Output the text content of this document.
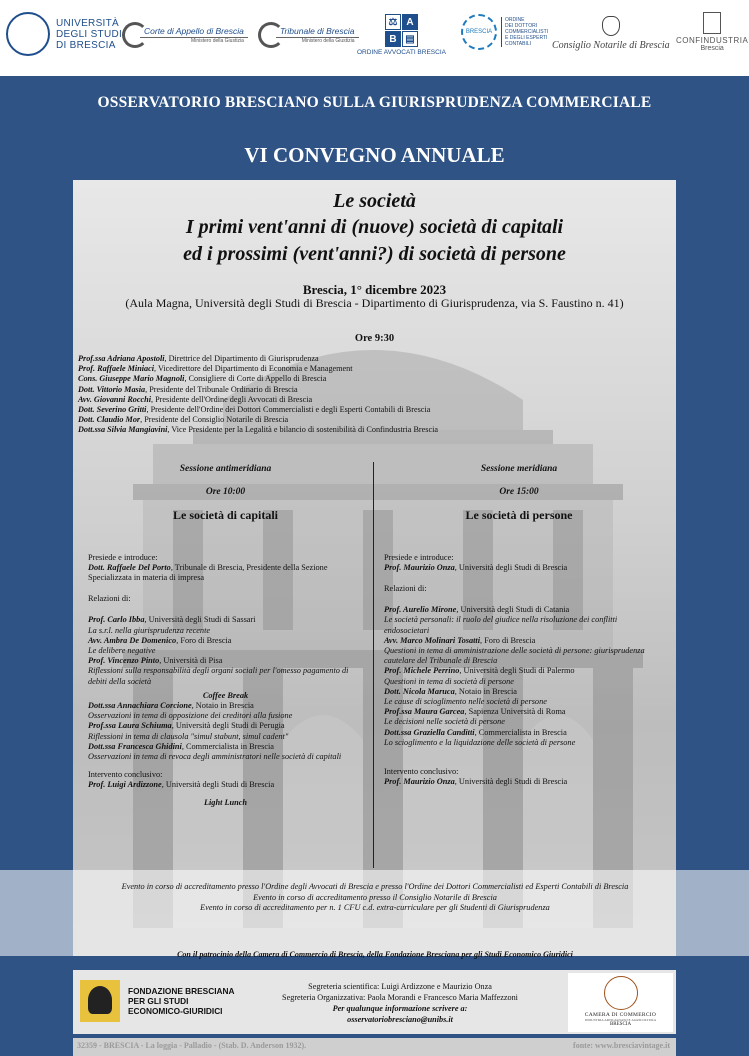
UNIVERSITÀ
DEGLI STUDI
DI BRESCIA
Corte di Appello di Brescia
Ministero della Giustizia
Tribunale di Brescia
Ministero della Giustizia
⚖ A
B ▤
ORDINE AVVOCATI BRESCIA
BRESCIA
ORDINE
DEI DOTTORI
COMMERCIALISTI
E DEGLI ESPERTI
CONTABILI	Consiglio Notarile di Brescia CONFINDUSTRIA
Brescia
OSSERVATORIO BRESCIANO SULLA GIURISPRUDENZA COMMERCIALE
VI CONVEGNO ANNUALE
Le società
I primi vent'anni di (nuove) società di capitali
ed i prossimi (vent'anni?) di società di persone
Brescia, 1° dicembre 2023
(Aula Magna, Università degli Studi di Brescia - Dipartimento di Giurisprudenza, via S. Faustino n. 41)
Ore 9:30
Prof.ssa Adriana Apostoli, Direttrice del Dipartimento di Giurisprudenza
Prof. Raffaele Miniaci, Vicedirettore del Dipartimento di Economia e Management
Cons. Giuseppe Mario Magnoli, Consigliere di Corte di Appello di Brescia
Dott. Vittorio Masia, Presidente del Tribunale Ordinario di Brescia
Avv. Giovanni Rocchi, Presidente dell'Ordine degli Avvocati di Brescia
Dott. Severino Gritti, Presidente dell'Ordine dei Dottori Commercialisti e degli Esperti Contabili di Brescia
Dott. Claudio Mor, Presidente del Consiglio Notarile di Brescia
Dott.ssa Silvia Mangiavini, Vice Presidente per la Legalità e bilancio di sostenibilità di Confindustria Brescia
Sessione antimeridiana
Ore 10:00
Le società di capitali

Presiede e introduce:

Dott. Raffaele Del Porto, Tribunale di Brescia, Presidente della Sezione Specializzata in materia di impresa

Relazioni di:

Prof. Carlo Ibba, Università degli Studi di Sassari

La s.r.l. nella giurisprudenza recente

Avv. Ambra De Domenico, Foro di Brescia

Le delibere negative

Prof. Vincenzo Pinto, Università di Pisa

Riflessioni sulla responsabilità degli organi sociali per l'omesso pagamento di debiti della società

Coffee Break

Dott.ssa Annachiara Corcione, Notaio in Brescia

Osservazioni in tema di opposizione dei creditori alla fusione

Prof.ssa Laura Schiuma, Università degli Studi di Perugia

Riflessioni in tema di clausola "simul stabunt, simul cadent"

Dott.ssa Francesca Ghidini, Commercialista in Brescia

Osservazioni in tema di revoca degli amministratori nelle società di capitali

Intervento conclusivo:

Prof. Luigi Ardizzone, Università degli Studi di Brescia

Light Lunch

Sessione meridiana
Ore 15:00
Le società di persone

Presiede e introduce:

Prof. Maurizio Onza, Università degli Studi di Brescia

Relazioni di:

Prof. Aurelio Mirone, Università degli Studi di Catania

Le società personali: il ruolo del giudice nella risoluzione dei conflitti endosocietari

Avv. Marco Molinari Tosatti, Foro di Brescia

Questioni in tema di amministrazione delle società di persone: giurisprudenza cautelare del Tribunale di Brescia

Prof. Michele Perrino, Università degli Studi di Palermo

Questioni in tema di società di persone

Dott. Nicola Maruca, Notaio in Brescia

Le cause di scioglimento nelle società di persone

Prof.ssa Maura Garcea, Sapienza Università di Roma

Le decisioni nelle società di persone

Dott.ssa Graziella Canditti, Commercialista in Brescia

Lo scioglimento e la liquidazione delle società di persone

Intervento conclusivo:

Prof. Maurizio Onza, Università degli Studi di Brescia

Evento in corso di accreditamento presso l'Ordine degli Avvocati di Brescia e presso l'Ordine dei Dottori Commercialisti ed Esperti Contabili di Brescia
Evento in corso di accreditamento presso il Consiglio Notarile di Brescia
Evento in corso di accreditamento per n. 1 CFU c.d. extra-curriculare per gli Studenti di Giurisprudenza
Con il patrocinio della Camera di Commercio di Brescia, della Fondazione Bresciana per gli Studi Economico Giuridici
FONDAZIONE BRESCIANA
PER GLI STUDI
ECONOMICO-GIURIDICI
Segreteria scientifica: Luigi Ardizzone e Maurizio Onza
Segreteria Organizzativa: Paola Morandi e Francesco Maria Maffezzoni
Per qualunque informazione scrivere a:
osservatoriobresciano@unibs.it	CAMERA DI COMMERCIO
INDUSTRIA ARTIGIANATO E AGRICOLTURA
BRESCIA
32359 - BRESCIA - La loggia - Palladio - (Stab. D. Anderson 1932).	fonte: www.bresciavintage.it
